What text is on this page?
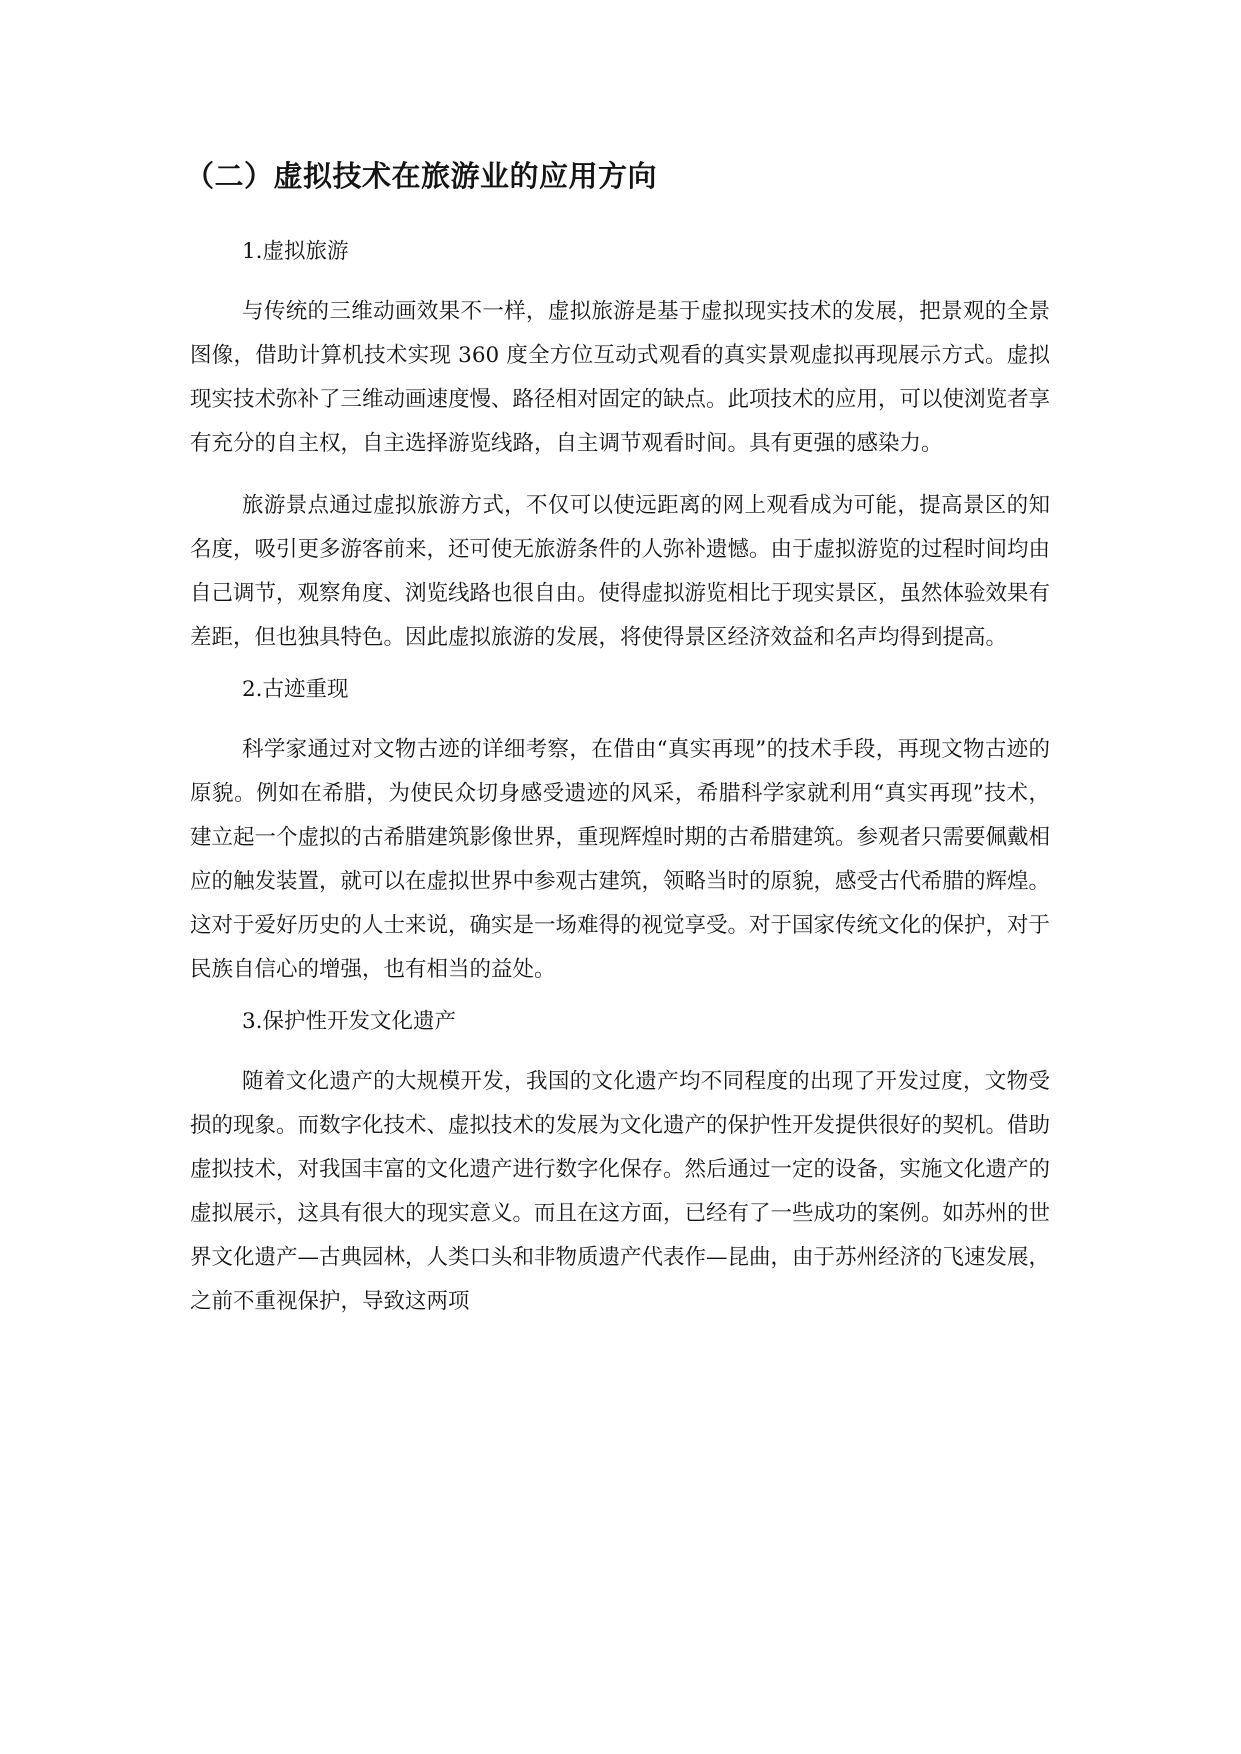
（二）虚拟技术在旅游业的应用方向

1.虚拟旅游

与传统的三维动画效果不一样，虚拟旅游是基于虚拟现实技术的发展，把景观的全景图像，借助计算机技术实现 360 度全方位互动式观看的真实景观虚拟再现展示方式。虚拟现实技术弥补了三维动画速度慢、路径相对固定的缺点。此项技术的应用，可以使浏览者享有充分的自主权，自主选择游览线路，自主调节观看时间。具有更强的感染力。

旅游景点通过虚拟旅游方式，不仅可以使远距离的网上观看成为可能，提高景区的知名度，吸引更多游客前来，还可使无旅游条件的人弥补遗憾。由于虚拟游览的过程时间均由自己调节，观察角度、浏览线路也很自由。使得虚拟游览相比于现实景区，虽然体验效果有差距，但也独具特色。因此虚拟旅游的发展，将使得景区经济效益和名声均得到提高。

2.古迹重现

科学家通过对文物古迹的详细考察，在借由“真实再现”的技术手段，再现文物古迹的原貌。例如在希腊，为使民众切身感受遗迹的风采，希腊科学家就利用“真实再现”技术，建立起一个虚拟的古希腊建筑影像世界，重现辉煌时期的古希腊建筑。参观者只需要佩戴相应的触发装置，就可以在虚拟世界中参观古建筑，领略当时的原貌，感受古代希腊的辉煌。这对于爱好历史的人士来说，确实是一场难得的视觉享受。对于国家传统文化的保护，对于民族自信心的增强，也有相当的益处。

3.保护性开发文化遗产

随着文化遗产的大规模开发，我国的文化遗产均不同程度的出现了开发过度，文物受损的现象。而数字化技术、虚拟技术的发展为文化遗产的保护性开发提供很好的契机。借助虚拟技术，对我国丰富的文化遗产进行数字化保存。然后通过一定的设备，实施文化遗产的虚拟展示，这具有很大的现实意义。而且在这方面，已经有了一些成功的案例。如苏州的世界文化遗产—古典园林，人类口头和非物质遗产代表作—昆曲，由于苏州经济的飞速发展，之前不重视保护，导致这两项
